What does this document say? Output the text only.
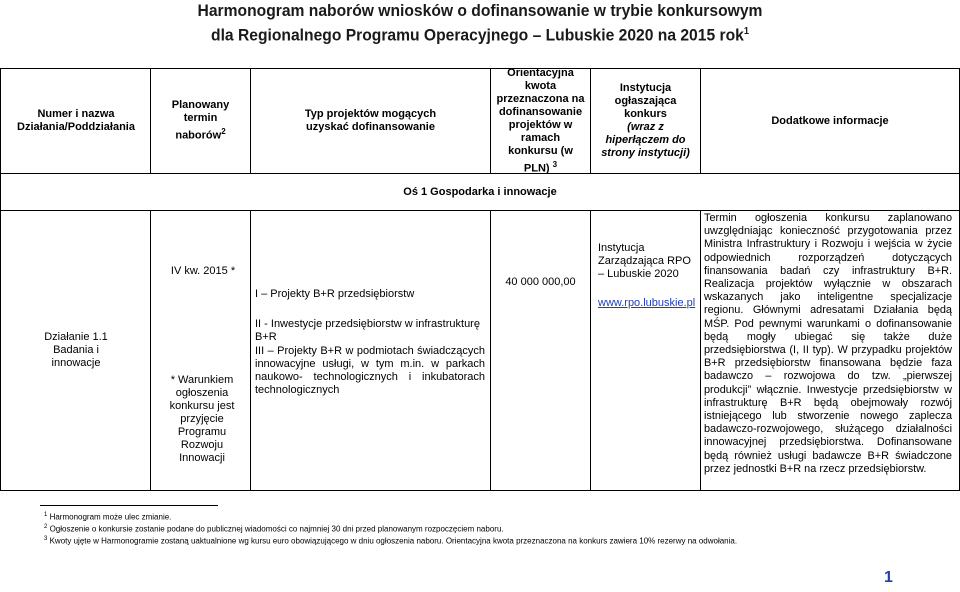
Harmonogram naborów wniosków o dofinansowanie w trybie konkursowym
dla Regionalnego Programu Operacyjnego – Lubuskie 2020 na 2015 rok$^1$
Numer i nazwa Działania/Poddziałania
Planowany termin naborów$^2$
Typ projektów mogących uzyskać dofinansowanie
Orientacyjna kwota przeznaczona na dofinansowanie projektów w ramach konkursu (w PLN) $^3$
Instytucja ogłaszająca konkurs
(wraz z hiperłączem do strony instytucji)
Dodatkowe informacje
Oś 1 Gospodarka i innowacje
Działanie 1.1 Badania i innowacje
IV kw. 2015 *
* Warunkiem ogłoszenia konkursu jest przyjęcie Programu Rozwoju Innowacji
I – Projekty B+R przedsiębiorstw
II - Inwestycje przedsiębiorstw w infrastrukturę B+R
III – Projekty B+R w podmiotach świadczących innowacyjne usługi, w tym m.in. w parkach naukowo- technologicznych i inkubatorach technologicznych
40 000 000,00
Instytucja Zarządzająca RPO – Lubuskie 2020
www.rpo.lubuskie.pl
Termin ogłoszenia konkursu zaplanowano uwzględniając konieczność przygotowania przez Ministra Infrastruktury i Rozwoju i wejścia w życie odpowiednich rozporządzeń dotyczących finansowania badań czy infrastruktury B+R. Realizacja projektów wyłącznie w obszarach wskazanych jako inteligentne specjalizacje regionu. Głównymi adresatami Działania będą MŚP. Pod pewnymi warunkami o dofinansowanie będą mogły ubiegać się także duże przedsiębiorstwa (I, II typ). W przypadku projektów B+R przedsiębiorstw finansowana będzie faza badawczo – rozwojowa do tzw. „pierwszej produkcji” włącznie. Inwestycje przedsiębiorstw w infrastrukturę B+R będą obejmowały rozwój istniejącego lub stworzenie nowego zaplecza badawczo-rozwojowego, służącego działalności innowacyjnej przedsiębiorstwa. Dofinansowane będą również usługi badawcze B+R świadczone przez jednostki B+R na rzecz przedsiębiorstw.
$^1$ Harmonogram może ulec zmianie.
$^2$ Ogłoszenie o konkursie zostanie podane do publicznej wiadomości co najmniej 30 dni przed planowanym rozpoczęciem naboru.
$^3$ Kwoty ujęte w Harmonogramie zostaną uaktualnione wg kursu euro obowiązującego w dniu ogłoszenia naboru. Orientacyjna kwota przeznaczona na konkurs zawiera 10% rezerwy na odwołania.
1
